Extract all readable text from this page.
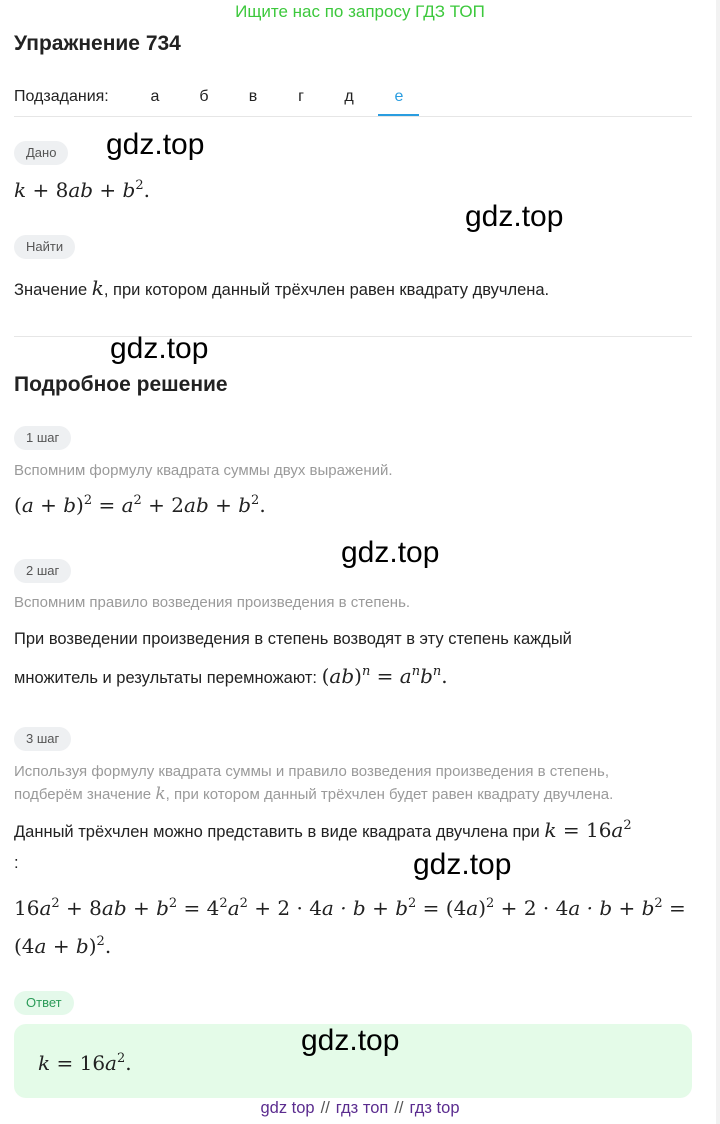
Ищите нас по запросу ГДЗ ТОП
Упражнение 734
Подзадания:	а	б	в	г	д	е
Дано
$k + 8ab + b^2$.
Найти
Значение k, при котором данный трёхчлен равен квадрату двучлена.
Подробное решение
1 шаг
Вспомним формулу квадрата суммы двух выражений.
$(a + b)^2 = a^2 + 2ab + b^2$.
2 шаг
Вспомним правило возведения произведения в степень.
При возведении произведения в степень возводят в эту степень каждый
множитель и результаты перемножают: $(ab)^n = a^nb^n$.
3 шаг
Используя формулу квадрата суммы и правило возведения произведения в степень,
подберём значение k, при котором данный трёхчлен будет равен квадрату двучлена.
Данный трёхчлен можно представить в виде квадрата двучлена при $k = 16a^2$
:
$16a^2 + 8ab + b^2 = 4^2a^2 + 2 \cdot 4a \cdot b + b^2 = (4a)^2 + 2 \cdot 4a \cdot b + b^2$ =
$(4a + b)^2$.
Ответ
$k = 16a^2$.
gdz.top
gdz.top
gdz.top
gdz.top
gdz.top
gdz.top
gdz top // гдз топ // гдз top
